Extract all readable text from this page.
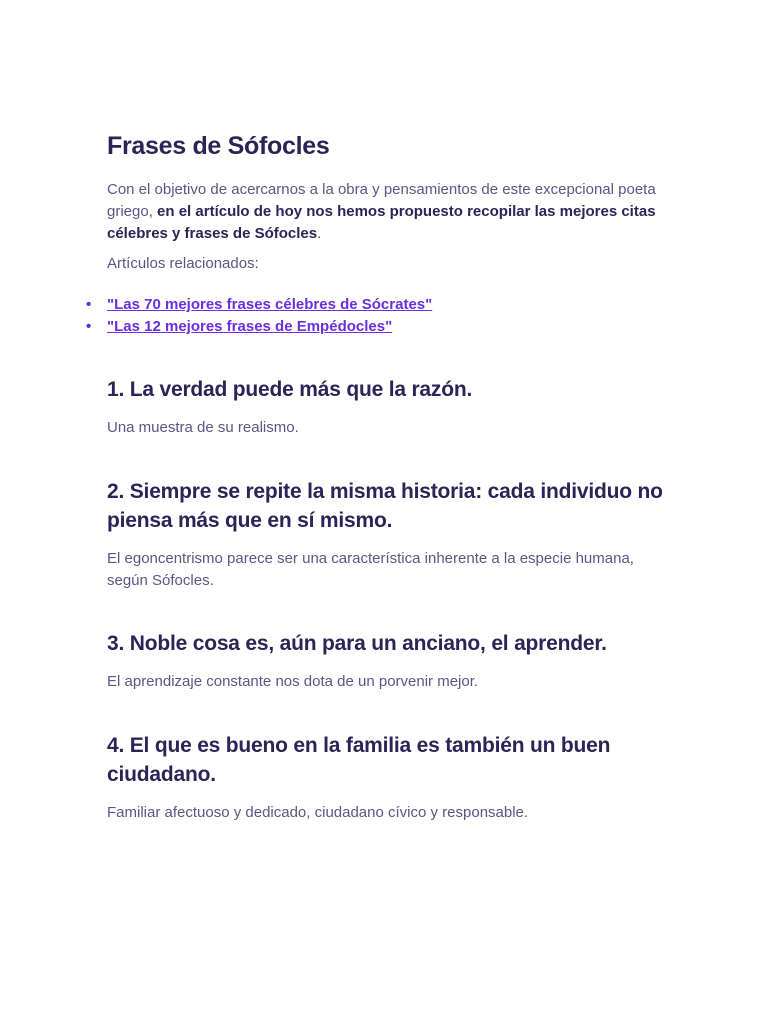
Frases de Sófocles

Con el objetivo de acercarnos a la obra y pensamientos de este excepcional poeta griego, en el artículo de hoy nos hemos propuesto recopilar las mejores citas célebres y frases de Sófocles.

Artículos relacionados:

• "Las 70 mejores frases célebres de Sócrates"
• "Las 12 mejores frases de Empédocles"
1. La verdad puede más que la razón.

Una muestra de su realismo.

2. Siempre se repite la misma historia: cada individuo no piensa más que en sí mismo.

El egoncentrismo parece ser una característica inherente a la especie humana, según Sófocles.

3. Noble cosa es, aún para un anciano, el aprender.

El aprendizaje constante nos dota de un porvenir mejor.

4. El que es bueno en la familia es también un buen ciudadano.

Familiar afectuoso y dedicado, ciudadano cívico y responsable.
